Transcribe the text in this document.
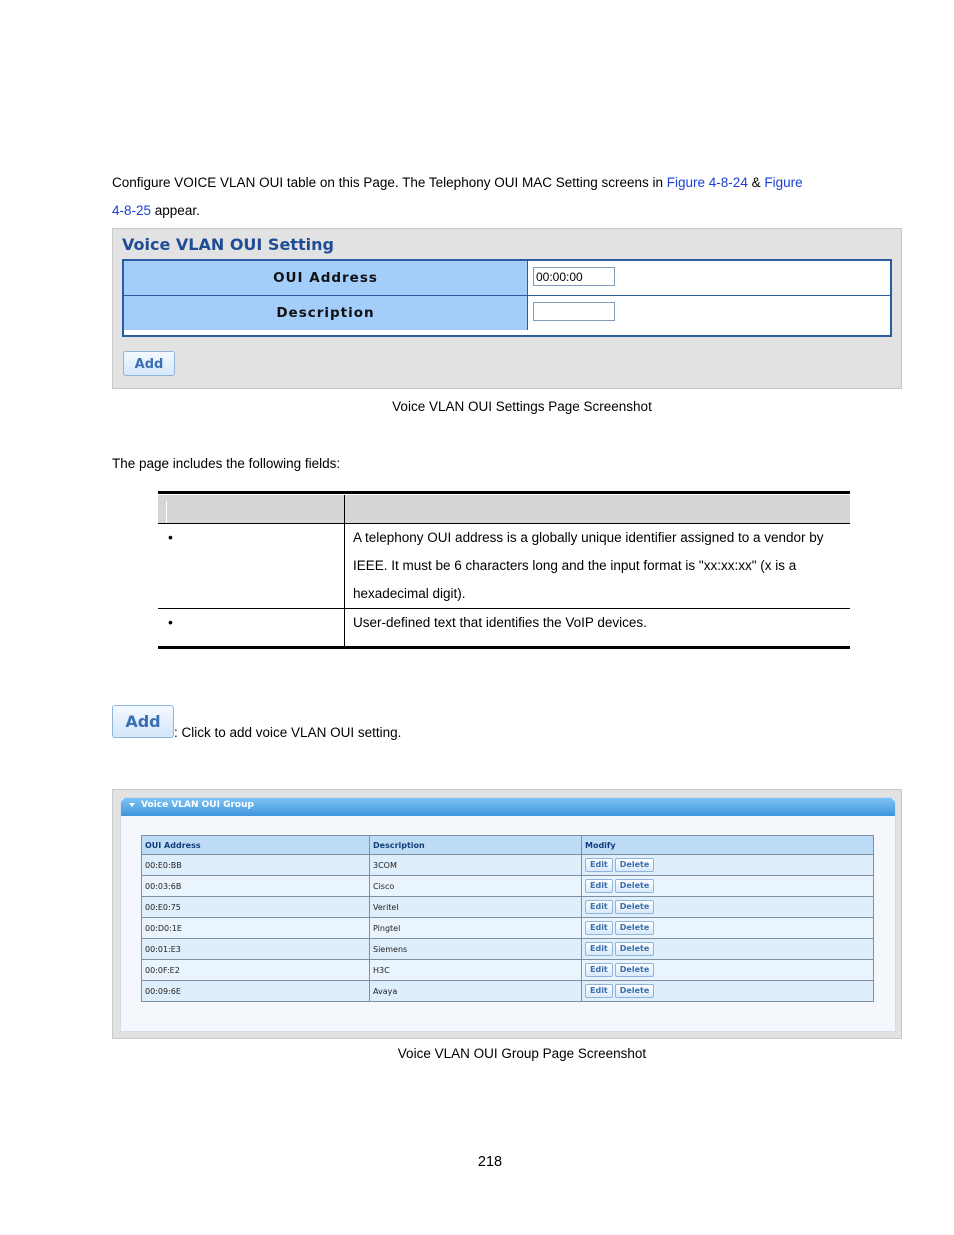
Configure VOICE VLAN OUI table on this Page. The Telephony OUI MAC Setting screens in Figure 4-8-24 & Figure
4-8-25 appear.
Voice VLAN OUI Setting
OUI Address	00:00:00
Description
Add
Voice VLAN OUI Settings Page Screenshot
The page includes the following fields:
•	A telephony OUI address is a globally unique identifier assigned to a vendor by
IEEE. It must be 6 characters long and the input format is "xx:xx:xx" (x is a
hexadecimal digit).
•	User-defined text that identifies the VoIP devices.
Add
: Click to add voice VLAN OUI setting.
Voice VLAN OUI Group
OUI Address	Description	Modify
00:E0:BB	3COM	Edit Delete
00:03:6B	Cisco	Edit Delete
00:E0:75	Veritel	Edit Delete
00:D0:1E	Pingtel	Edit Delete
00:01:E3	Siemens	Edit Delete
00:0F:E2	H3C	Edit Delete
00:09:6E	Avaya	Edit Delete
Voice VLAN OUI Group Page Screenshot
218
